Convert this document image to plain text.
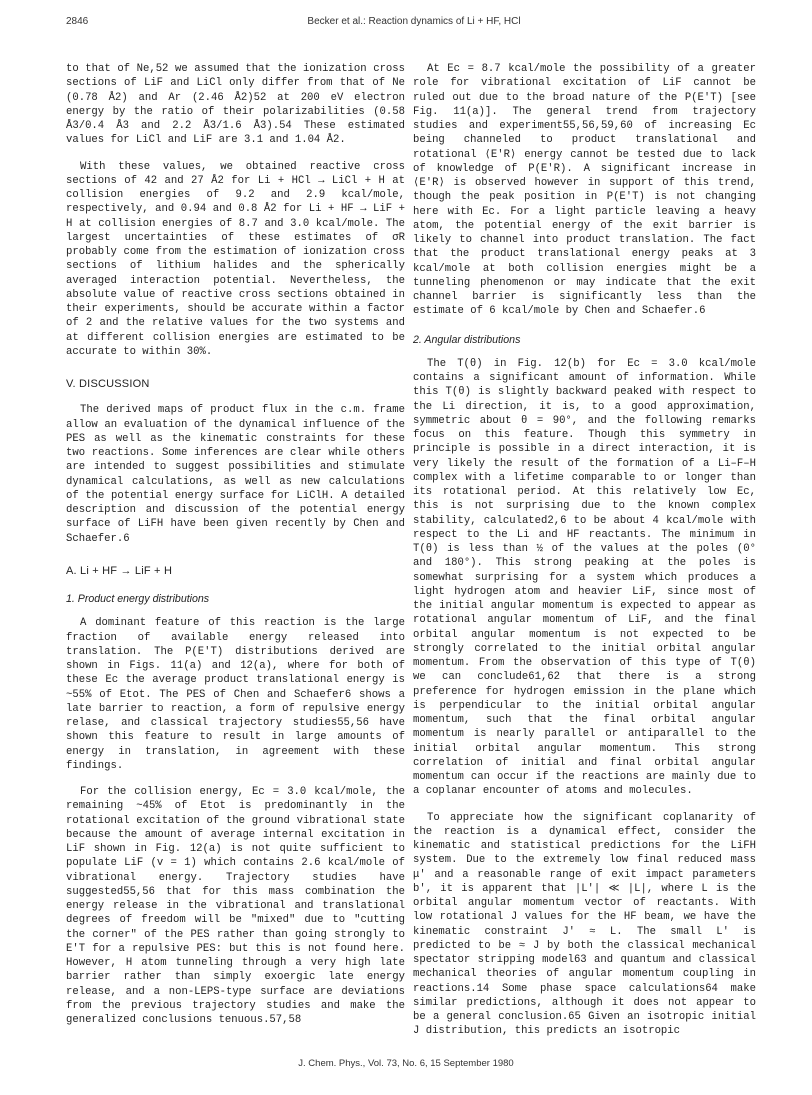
2846	Becker et al.: Reaction dynamics of Li + HF, HCl

to that of Ne,52 we assumed that the ionization cross sections of LiF and LiCl only differ from that of Ne (0.78 Å2) and Ar (2.46 Å2)52 at 200 eV electron energy by the ratio of their polarizabilities (0.58 Å3/0.4 Å3 and 2.2 Å3/1.6 Å3).54 These estimated values for LiCl and LiF are 3.1 and 1.04 Å2.

With these values, we obtained reactive cross sections of 42 and 27 Å2 for Li + HCl → LiCl + H at collision energies of 9.2 and 2.9 kcal/mole, respectively, and 0.94 and 0.8 Å2 for Li + HF → LiF + H at collision energies of 8.7 and 3.0 kcal/mole. The largest uncertainties of these estimates of σR probably come from the estimation of ionization cross sections of lithium halides and the spherically averaged interaction potential. Nevertheless, the absolute value of reactive cross sections obtained in their experiments, should be accurate within a factor of 2 and the relative values for the two systems and at different collision energies are estimated to be accurate to within 30%.

V. DISCUSSION

The derived maps of product flux in the c.m. frame allow an evaluation of the dynamical influence of the PES as well as the kinematic constraints for these two reactions. Some inferences are clear while others are intended to suggest possibilities and stimulate dynamical calculations, as well as new calculations of the potential energy surface for LiClH. A detailed description and discussion of the potential energy surface of LiFH have been given recently by Chen and Schaefer.6

A. Li + HF → LiF + H
1. Product energy distributions

A dominant feature of this reaction is the large fraction of available energy released into translation. The P(E′T) distributions derived are shown in Figs. 11(a) and 12(a), where for both of these Ec the average product translational energy is ~55% of Etot. The PES of Chen and Schaefer6 shows a late barrier to reaction, a form of repulsive energy relase, and classical trajectory studies55,56 have shown this feature to result in large amounts of energy in translation, in agreement with these findings.

For the collision energy, Ec = 3.0 kcal/mole, the remaining ~45% of Etot is predominantly in the rotational excitation of the ground vibrational state because the amount of average internal excitation in LiF shown in Fig. 12(a) is not quite sufficient to populate LiF (v = 1) which contains 2.6 kcal/mole of vibrational energy. Trajectory studies have suggested55,56 that for this mass combination the energy release in the vibrational and translational degrees of freedom will be "mixed" due to "cutting the corner" of the PES rather than going strongly to E′T for a repulsive PES: but this is not found here. However, H atom tunneling through a very high late barrier rather than simply exoergic late energy release, and a non-LEPS-type surface are deviations from the previous trajectory studies and make the generalized conclusions tenuous.57,58

At Ec = 8.7 kcal/mole the possibility of a greater role for vibrational excitation of LiF cannot be ruled out due to the broad nature of the P(E′T) [see Fig. 11(a)]. The general trend from trajectory studies and experiment55,56,59,60 of increasing Ec being channeled to product translational and rotational ⟨E′R⟩ energy cannot be tested due to lack of knowledge of P(E′R). A significant increase in ⟨E′R⟩ is observed however in support of this trend, though the peak position in P(E′T) is not changing here with Ec. For a light particle leaving a heavy atom, the potential energy of the exit barrier is likely to channel into product translation. The fact that the product translational energy peaks at 3 kcal/mole at both collision energies might be a tunneling phenomenon or may indicate that the exit channel barrier is significantly less than the estimate of 6 kcal/mole by Chen and Schaefer.6

2. Angular distributions

The T(θ) in Fig. 12(b) for Ec = 3.0 kcal/mole contains a significant amount of information. While this T(θ) is slightly backward peaked with respect to the Li direction, it is, to a good approximation, symmetric about θ = 90°, and the following remarks focus on this feature. Though this symmetry in principle is possible in a direct interaction, it is very likely the result of the formation of a Li–F–H complex with a lifetime comparable to or longer than its rotational period. At this relatively low Ec, this is not surprising due to the known complex stability, calculated2,6 to be about 4 kcal/mole with respect to the Li and HF reactants. The minimum in T(θ) is less than ½ of the values at the poles (0° and 180°). This strong peaking at the poles is somewhat surprising for a system which produces a light hydrogen atom and heavier LiF, since most of the initial angular momentum is expected to appear as rotational angular momentum of LiF, and the final orbital angular momentum is not expected to be strongly correlated to the initial orbital angular momentum. From the observation of this type of T(θ) we can conclude61,62 that there is a strong preference for hydrogen emission in the plane which is perpendicular to the initial orbital angular momentum, such that the final orbital angular momentum is nearly parallel or antiparallel to the initial orbital angular momentum. This strong correlation of initial and final orbital angular momentum can occur if the reactions are mainly due to a coplanar encounter of atoms and molecules.

To appreciate how the significant coplanarity of the reaction is a dynamical effect, consider the kinematic and statistical predictions for the LiFH system. Due to the extremely low final reduced mass μ′ and a reasonable range of exit impact parameters b′, it is apparent that |L′| ≪ |L|, where L is the orbital angular momentum vector of reactants. With low rotational J values for the HF beam, we have the kinematic constraint J′ ≈ L. The small L′ is predicted to be ≈ J by both the classical mechanical spectator stripping model63 and quantum and classical mechanical theories of angular momentum coupling in reactions.14 Some phase space calculations64 make similar predictions, although it does not appear to be a general conclusion.65 Given an isotropic initial J distribution, this predicts an isotropic

J. Chem. Phys., Vol. 73, No. 6, 15 September 1980
